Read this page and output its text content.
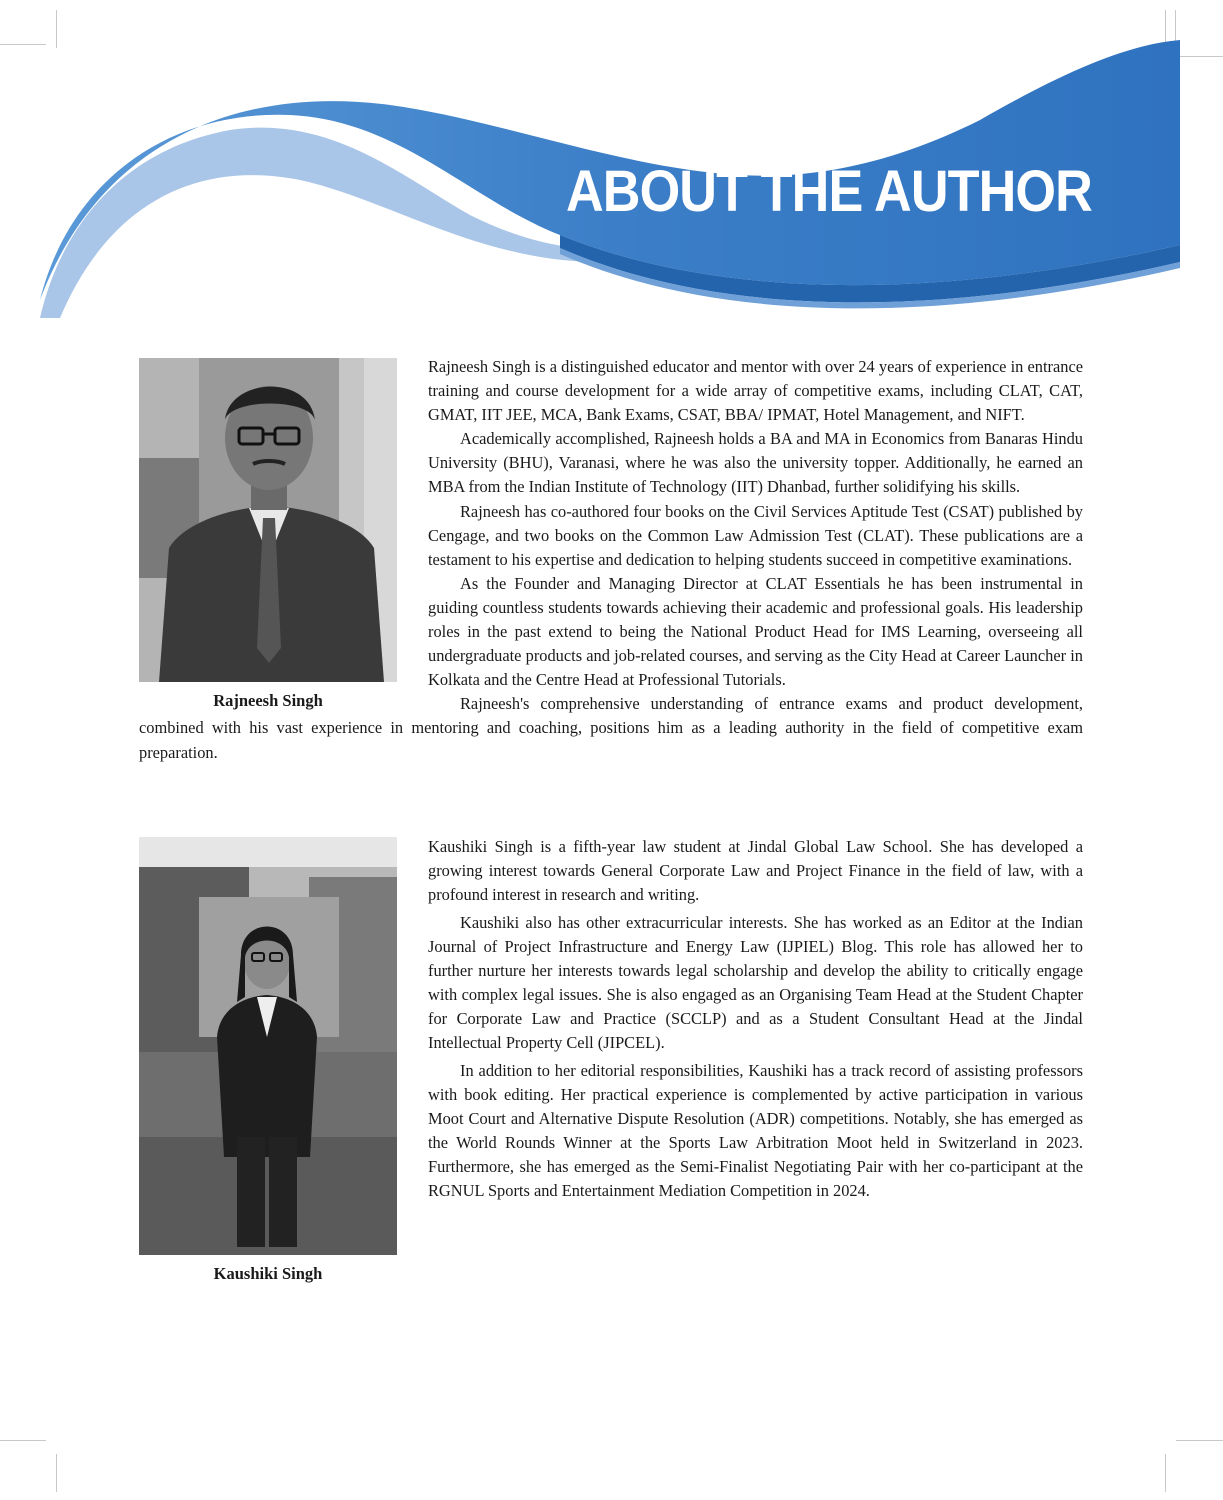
ABOUT THE AUTHOR
Rajneesh Singh

Rajneesh Singh is a distinguished educator and mentor with over 24 years of experience in entrance training and course development for a wide array of competitive exams, including CLAT, CAT, GMAT, IIT JEE, MCA, Bank Exams, CSAT, BBA/ IPMAT, Hotel Management, and NIFT.

Academically accomplished, Rajneesh holds a BA and MA in Economics from Banaras Hindu University (BHU), Varanasi, where he was also the university topper. Additionally, he earned an MBA from the Indian Institute of Technology (IIT) Dhanbad, further solidifying his skills.

Rajneesh has co-authored four books on the Civil Services Aptitude Test (CSAT) published by Cengage, and two books on the Common Law Admission Test (CLAT). These publications are a testament to his expertise and dedication to helping students succeed in competitive examinations.

As the Founder and Managing Director at CLAT Essentials he has been instrumental in guiding countless students towards achieving their academic and professional goals. His leadership roles in the past extend to being the National Product Head for IMS Learning, overseeing all undergraduate products and job-related courses, and serving as the City Head at Career Launcher in Kolkata and the Centre Head at Professional Tutorials.

Rajneesh's comprehensive understanding of entrance exams and product development, combined with his vast experience in mentoring and coaching, positions him as a leading authority in the field of competitive exam preparation.

Kaushiki Singh

Kaushiki Singh is a fifth-year law student at Jindal Global Law School. She has developed a growing interest towards General Corporate Law and Project Finance in the field of law, with a profound interest in research and writing.

Kaushiki also has other extracurricular interests. She has worked as an Editor at the Indian Journal of Project Infrastructure and Energy Law (IJPIEL) Blog. This role has allowed her to further nurture her interests towards legal scholarship and develop the ability to critically engage with complex legal issues. She is also engaged as an Organising Team Head at the Student Chapter for Corporate Law and Practice (SCCLP) and as a Student Consultant Head at the Jindal Intellectual Property Cell (JIPCEL).

In addition to her editorial responsibilities, Kaushiki has a track record of assisting professors with book editing. Her practical experience is complemented by active participation in various Moot Court and Alternative Dispute Resolution (ADR) competitions. Notably, she has emerged as the World Rounds Winner at the Sports Law Arbitration Moot held in Switzerland in 2023. Furthermore, she has emerged as the Semi-Finalist Negotiating Pair with her co-participant at the RGNUL Sports and Entertainment Mediation Competition in 2024.
